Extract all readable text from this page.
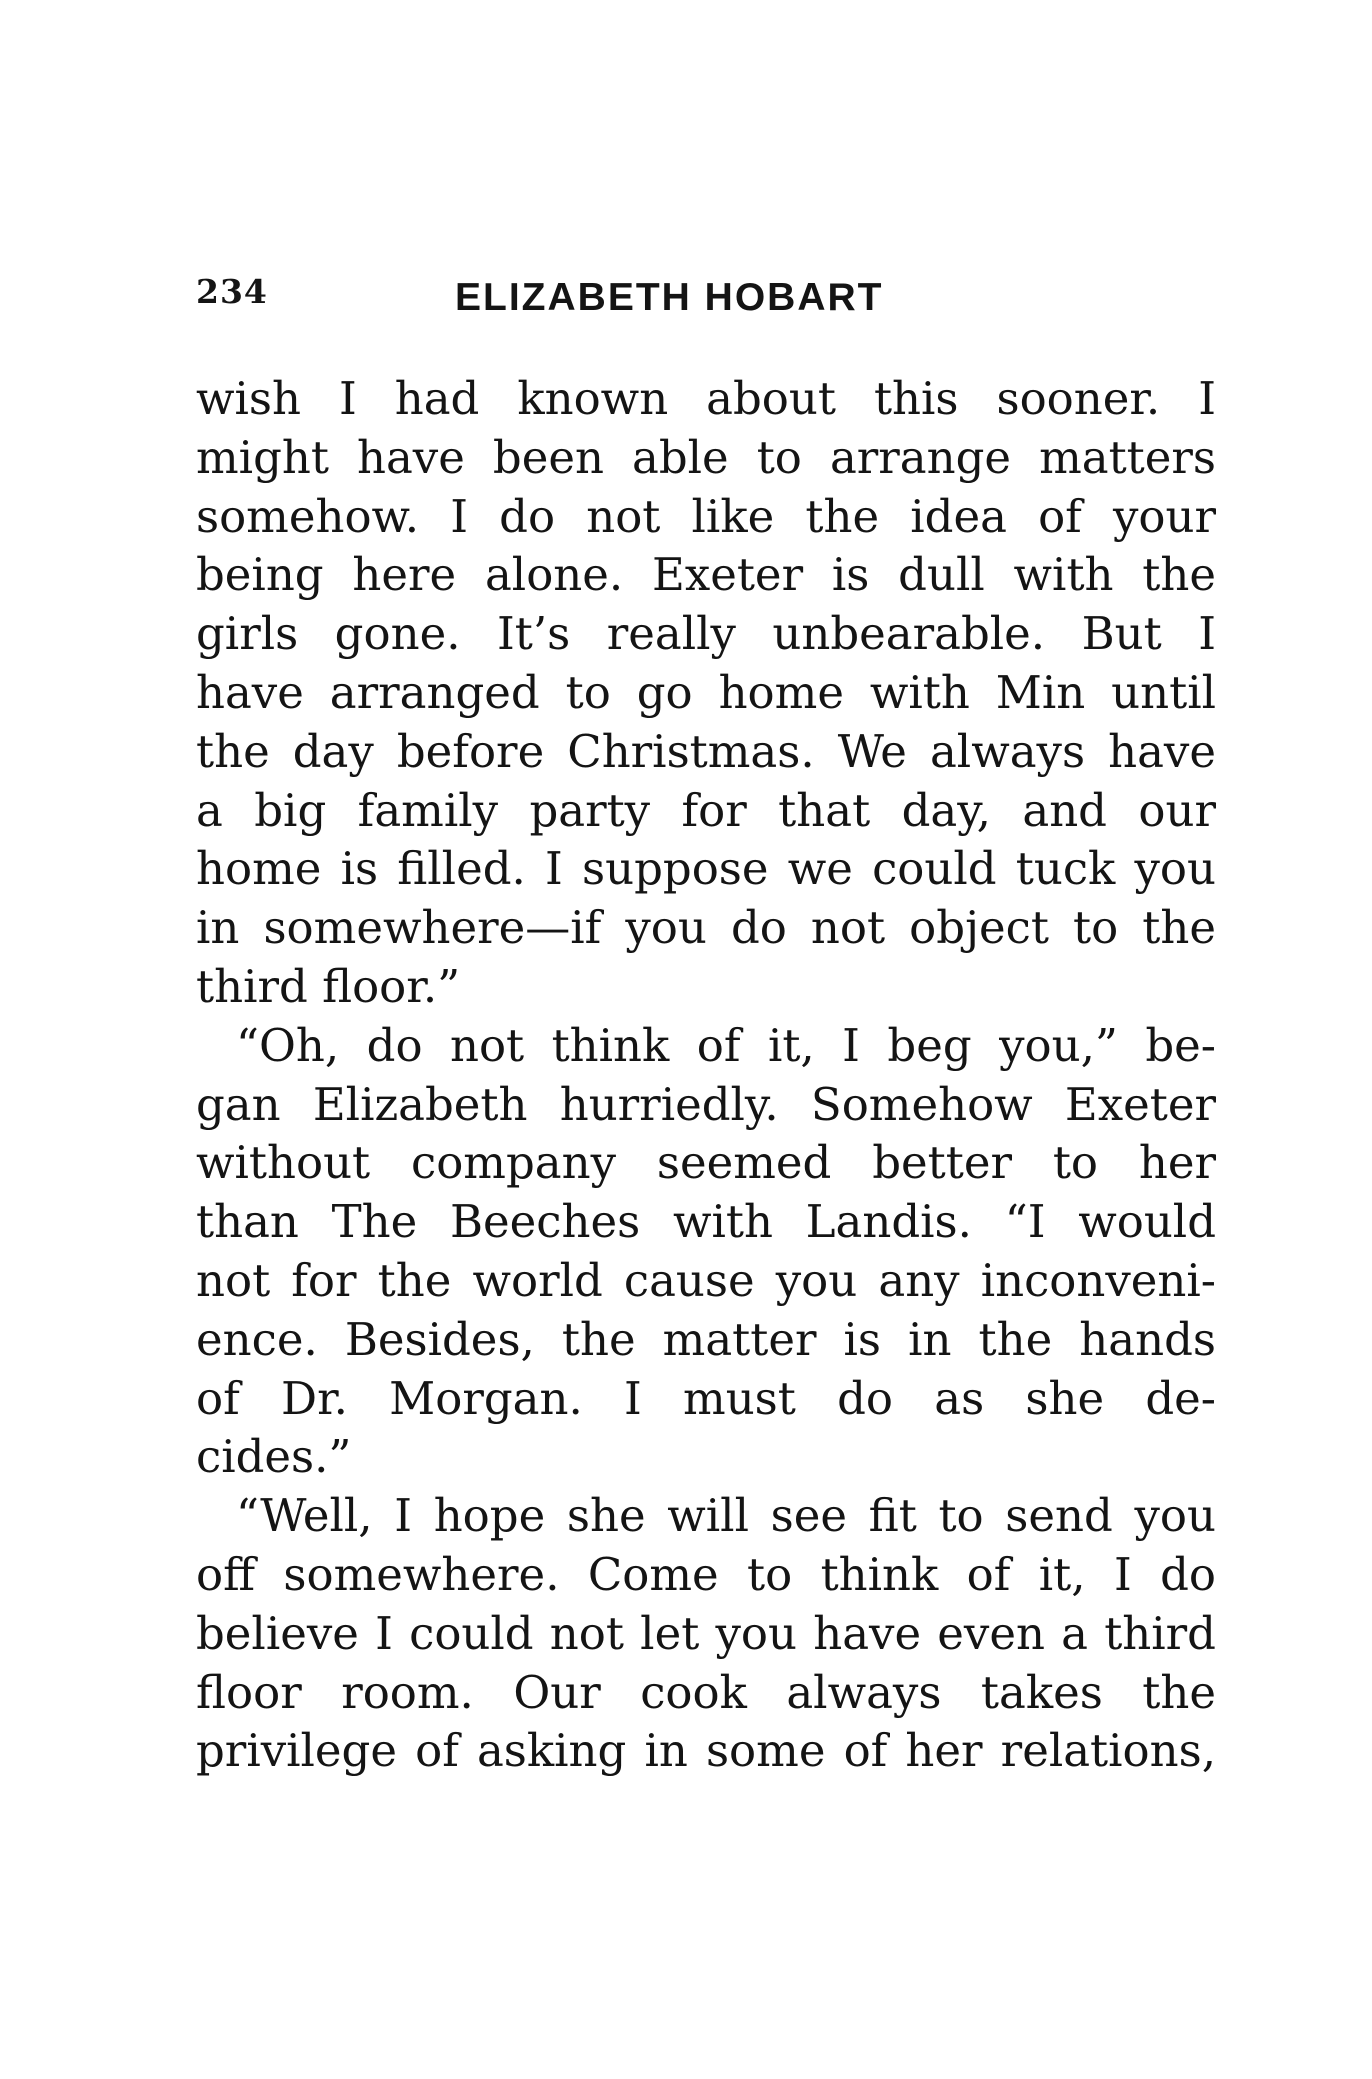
234	ELIZABETH HOBART
wish I had known about this sooner. I
might have been able to arrange matters
somehow. I do not like the idea of your
being here alone. Exeter is dull with the
girls gone. It’s really unbearable. But I
have arranged to go home with Min until
the day before Christmas. We always have
a big family party for that day, and our
home is filled. I suppose we could tuck you
in somewhere—if you do not object to the
third floor.”
“Oh, do not think of it, I beg you,” be-
gan Elizabeth hurriedly. Somehow Exeter
without company seemed better to her
than The Beeches with Landis. “I would
not for the world cause you any inconveni-
ence. Besides, the matter is in the hands
of Dr. Morgan. I must do as she de-
cides.”
“Well, I hope she will see fit to send you
off somewhere. Come to think of it, I do
believe I could not let you have even a third
floor room. Our cook always takes the
privilege of asking in some of her relations,
